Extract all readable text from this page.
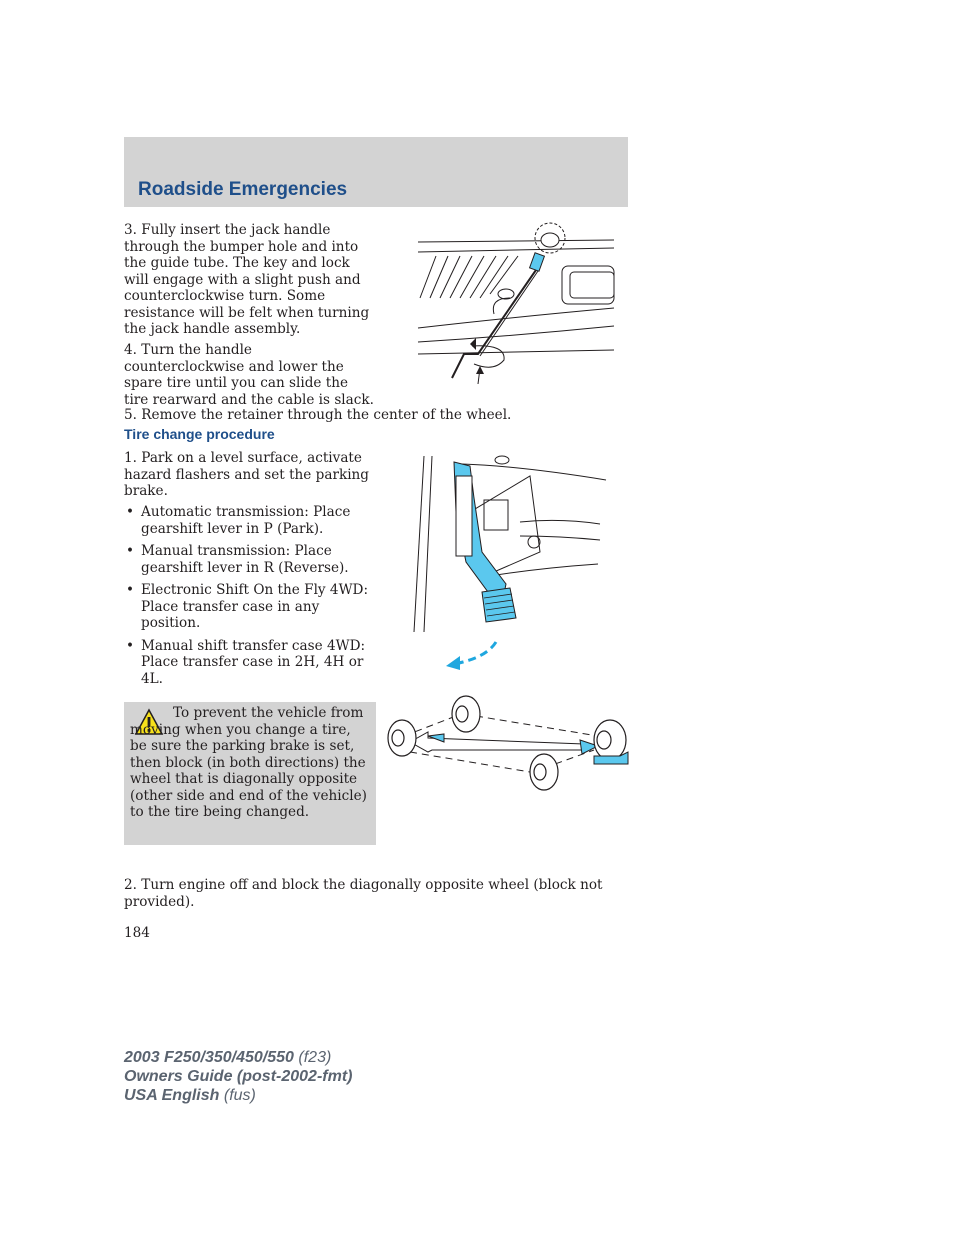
Roadside Emergencies

3. Fully insert the jack handle through the bumper hole and into the guide tube. The key and lock will engage with a slight push and counterclockwise turn. Some resistance will be felt when turning the jack handle assembly.

4. Turn the handle counterclockwise and lower the spare tire until you can slide the tire rearward and the cable is slack.

5. Remove the retainer through the center of the wheel.

Tire change procedure

1. Park on a level surface, activate hazard flashers and set the parking brake.

• Automatic transmission: Place gearshift lever in P (Park).
• Manual transmission: Place gearshift lever in R (Reverse).
• Electronic Shift On the Fly 4WD: Place transfer case in any position.
• Manual shift transfer case 4WD: Place transfer case in 2H, 4H or 4L.

To prevent the vehicle from moving when you change a tire, be sure the parking brake is set, then block (in both directions) the wheel that is diagonally opposite (other side and end of the vehicle) to the tire being changed.

2. Turn engine off and block the diagonally opposite wheel (block not provided).

184

2003 F250/350/450/550 (f23)
Owners Guide (post-2002-fmt)
USA English (fus)
